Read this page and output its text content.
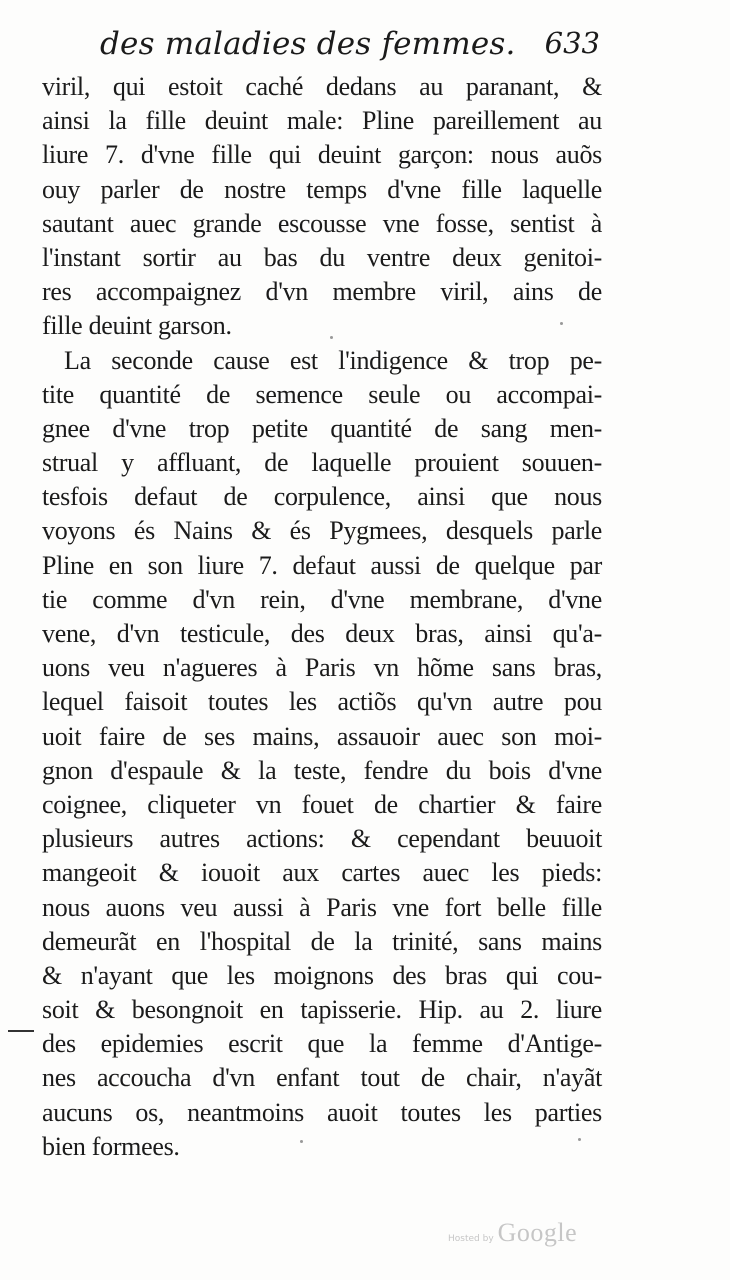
des maladies des femmes. 633
viril, qui estoit caché dedans au paranant, &
ainsi la fille deuint male: Pline pareillement au
liure 7. d'vne fille qui deuint garçon: nous auõs
ouy parler de nostre temps d'vne fille laquelle
sautant auec grande escousse vne fosse, sentist à
l'instant sortir au bas du ventre deux genitoi-
res accompaignez d'vn membre viril, ains de
fille deuint garson.
La seconde cause est l'indigence & trop pe-
tite quantité de semence seule ou accompai-
gnee d'vne trop petite quantité de sang men-
strual y affluant, de laquelle prouient souuen-
tesfois defaut de corpulence, ainsi que nous
voyons és Nains & és Pygmees, desquels parle
Pline en son liure 7. defaut aussi de quelque par
tie comme d'vn rein, d'vne membrane, d'vne
vene, d'vn testicule, des deux bras, ainsi qu'a-
uons veu n'agueres à Paris vn hõme sans bras,
lequel faisoit toutes les actiõs qu'vn autre pou
uoit faire de ses mains, assauoir auec son moi-
gnon d'espaule & la teste, fendre du bois d'vne
coignee, cliqueter vn fouet de chartier & faire
plusieurs autres actions: & cependant beuuoit
mangeoit & iouoit aux cartes auec les pieds:
nous auons veu aussi à Paris vne fort belle fille
demeurãt en l'hospital de la trinité, sans mains
& n'ayant que les moignons des bras qui cou-
soit & besongnoit en tapisserie. Hip. au 2. liure
des epidemies escrit que la femme d'Antige-
nes accoucha d'vn enfant tout de chair, n'ayãt
aucuns os, neantmoins auoit toutes les parties
bien formees.
Hosted by Google
